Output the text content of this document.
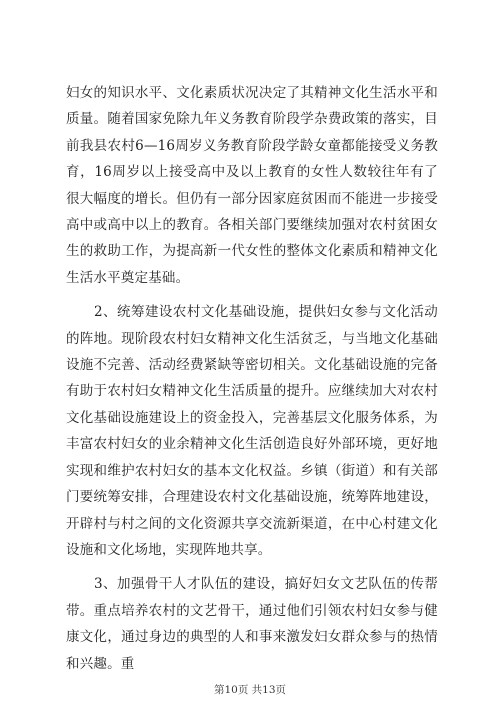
妇女的知识水平、文化素质状况决定了其精神文化生活水平和质量。随着国家免除九年义务教育阶段学杂费政策的落实，目前我县农村6—16周岁义务教育阶段学龄女童都能接受义务教育，16周岁以上接受高中及以上教育的女性人数较往年有了很大幅度的增长。但仍有一部分因家庭贫困而不能进一步接受高中或高中以上的教育。各相关部门要继续加强对农村贫困女生的救助工作，为提高新一代女性的整体文化素质和精神文化生活水平奠定基础。

2、统筹建设农村文化基础设施，提供妇女参与文化活动的阵地。现阶段农村妇女精神文化生活贫乏，与当地文化基础设施不完善、活动经费紧缺等密切相关。文化基础设施的完备有助于农村妇女精神文化生活质量的提升。应继续加大对农村文化基础设施建设上的资金投入，完善基层文化服务体系，为丰富农村妇女的业余精神文化生活创造良好外部环境，更好地实现和维护农村妇女的基本文化权益。乡镇（街道）和有关部门要统筹安排，合理建设农村文化基础设施，统筹阵地建设，开辟村与村之间的文化资源共享交流新渠道，在中心村建文化设施和文化场地，实现阵地共享。

3、加强骨干人才队伍的建设，搞好妇女文艺队伍的传帮带。重点培养农村的文艺骨干，通过他们引领农村妇女参与健康文化，通过身边的典型的人和事来激发妇女群众参与的热情和兴趣。重

第10页 共13页
